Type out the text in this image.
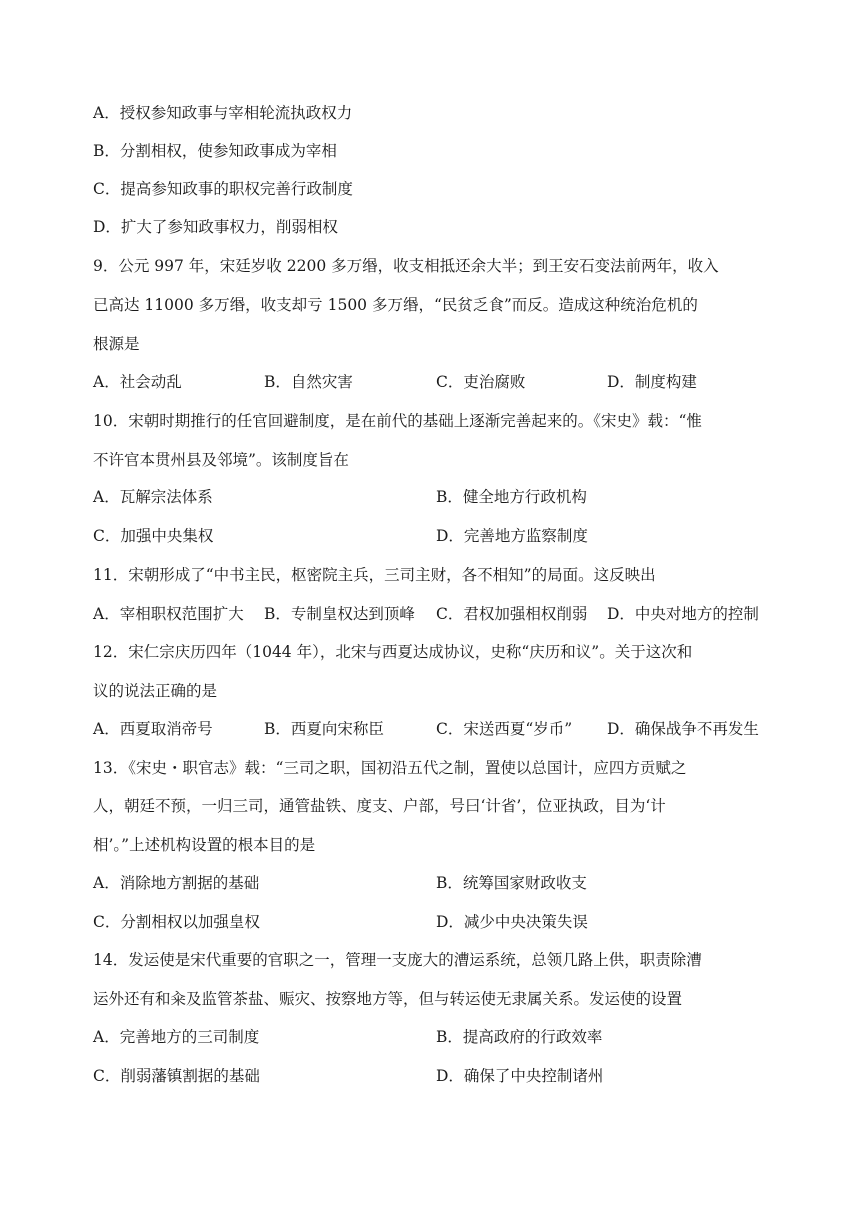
A．授权参知政事与宰相轮流执政权力
B．分割相权，使参知政事成为宰相
C．提高参知政事的职权完善行政制度
D．扩大了参知政事权力，削弱相权
9．公元 997 年，宋廷岁收 2200 多万缗，收支相抵还余大半；到王安石变法前两年，收入
已高达 11000 多万缗，收支却亏 1500 多万缗，“民贫乏食”而反。造成这种统治危机的
根源是
A．社会动乱	B．自然灾害	C．吏治腐败	D．制度构建
10．宋朝时期推行的任官回避制度，是在前代的基础上逐渐完善起来的。《宋史》载：“惟
不许官本贯州县及邻境”。该制度旨在
A．瓦解宗法体系	B．健全地方行政机构
C．加强中央集权	D．完善地方监察制度
11．宋朝形成了“中书主民，枢密院主兵，三司主财，各不相知”的局面。这反映出
A．宰相职权范围扩大 B．专制皇权达到顶峰 C．君权加强相权削弱 D．中央对地方的控制
12．宋仁宗庆历四年（1044 年），北宋与西夏达成协议，史称“庆历和议”。关于这次和
议的说法正确的是
A．西夏取消帝号	B．西夏向宋称臣	C．宋送西夏“岁币” D．确保战争不再发生
13．《宋史・职官志》载：“三司之职，国初沿五代之制，置使以总国计，应四方贡赋之
人，朝廷不预，一归三司，通管盐铁、度支、户部，号曰‘计省’，位亚执政，目为‘计
相’。”上述机构设置的根本目的是
A．消除地方割据的基础	B．统筹国家财政收支
C．分割相权以加强皇权	D．减少中央决策失误
14．发运使是宋代重要的官职之一，管理一支庞大的漕运系统，总领几路上供，职责除漕
运外还有和籴及监管茶盐、赈灾、按察地方等，但与转运使无隶属关系。发运使的设置
A．完善地方的三司制度	B．提高政府的行政效率
C．削弱藩镇割据的基础	D．确保了中央控制诸州
